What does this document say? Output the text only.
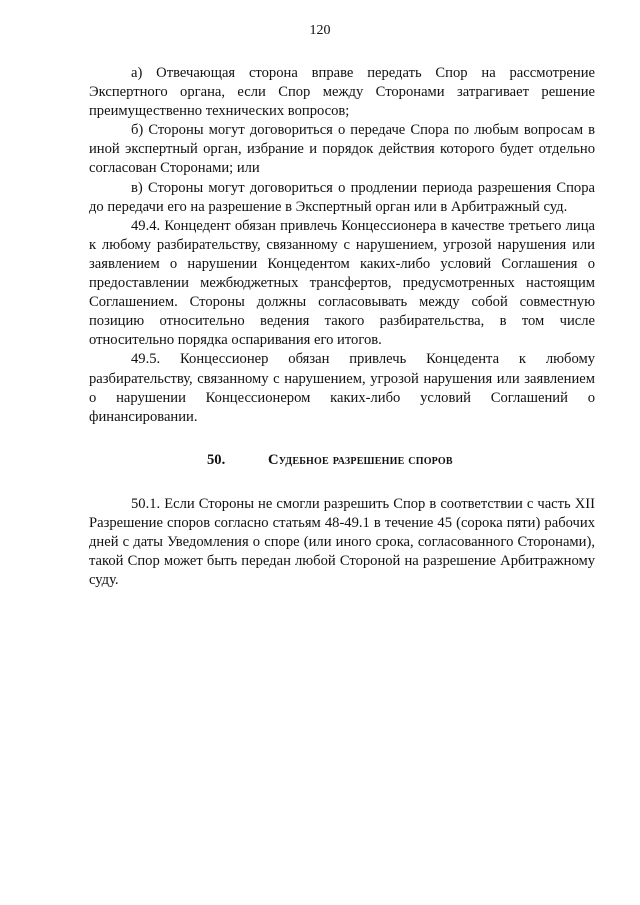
120

а) Отвечающая сторона вправе передать Спор на рассмотрение Экспертного органа, если Спор между Сторонами затрагивает решение преимущественно технических вопросов;

б) Стороны могут договориться о передаче Спора по любым вопросам в иной экспертный орган, избрание и порядок действия которого будет отдельно согласован Сторонами; или

в) Стороны могут договориться о продлении периода разрешения Спора до передачи его на разрешение в Экспертный орган или в Арбитражный суд.

49.4. Концедент обязан привлечь Концессионера в качестве третьего лица к любому разбирательству, связанному с нарушением, угрозой нарушения или заявлением о нарушении Концедентом каких-либо условий Соглашения о предоставлении межбюджетных трансфертов, предусмотренных настоящим Соглашением. Стороны должны согласовывать между собой совместную позицию относительно ведения такого разбирательства, в том числе относительно порядка оспаривания его итогов.

49.5. Концессионер обязан привлечь Концедента к любому разбирательству, связанному с нарушением, угрозой нарушения или заявлением о нарушении Концессионером каких-либо условий Соглашений о финансировании.

50.	Судебное разрешение споров

50.1. Если Стороны не смогли разрешить Спор в соответствии с часть XII Разрешение споров согласно статьям 48-49.1 в течение 45 (сорока пяти) рабочих дней с даты Уведомления о споре (или иного срока, согласованного Сторонами), такой Спор может быть передан любой Стороной на разрешение Арбитражному суду.
